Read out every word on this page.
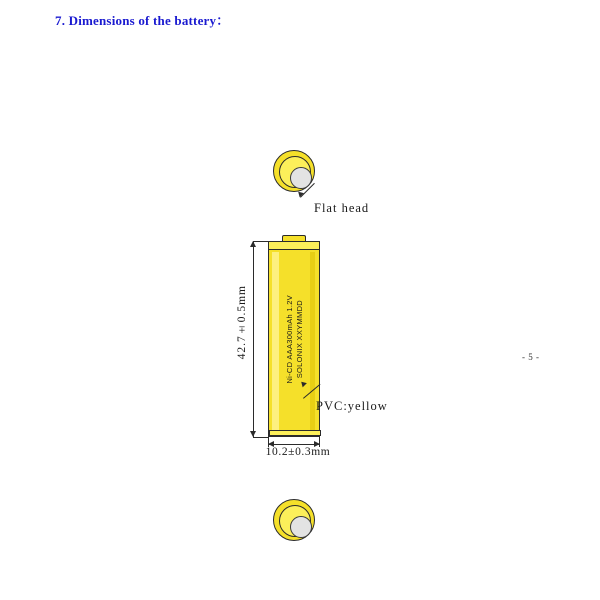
7. Dimensions of the battery：
- 5 -
Flat head
SOLONIX XXYMMDD
Ni-CD AAA300mAh 1.2V
42.7±0.5mm
10.2±0.3mm
PVC:yellow
